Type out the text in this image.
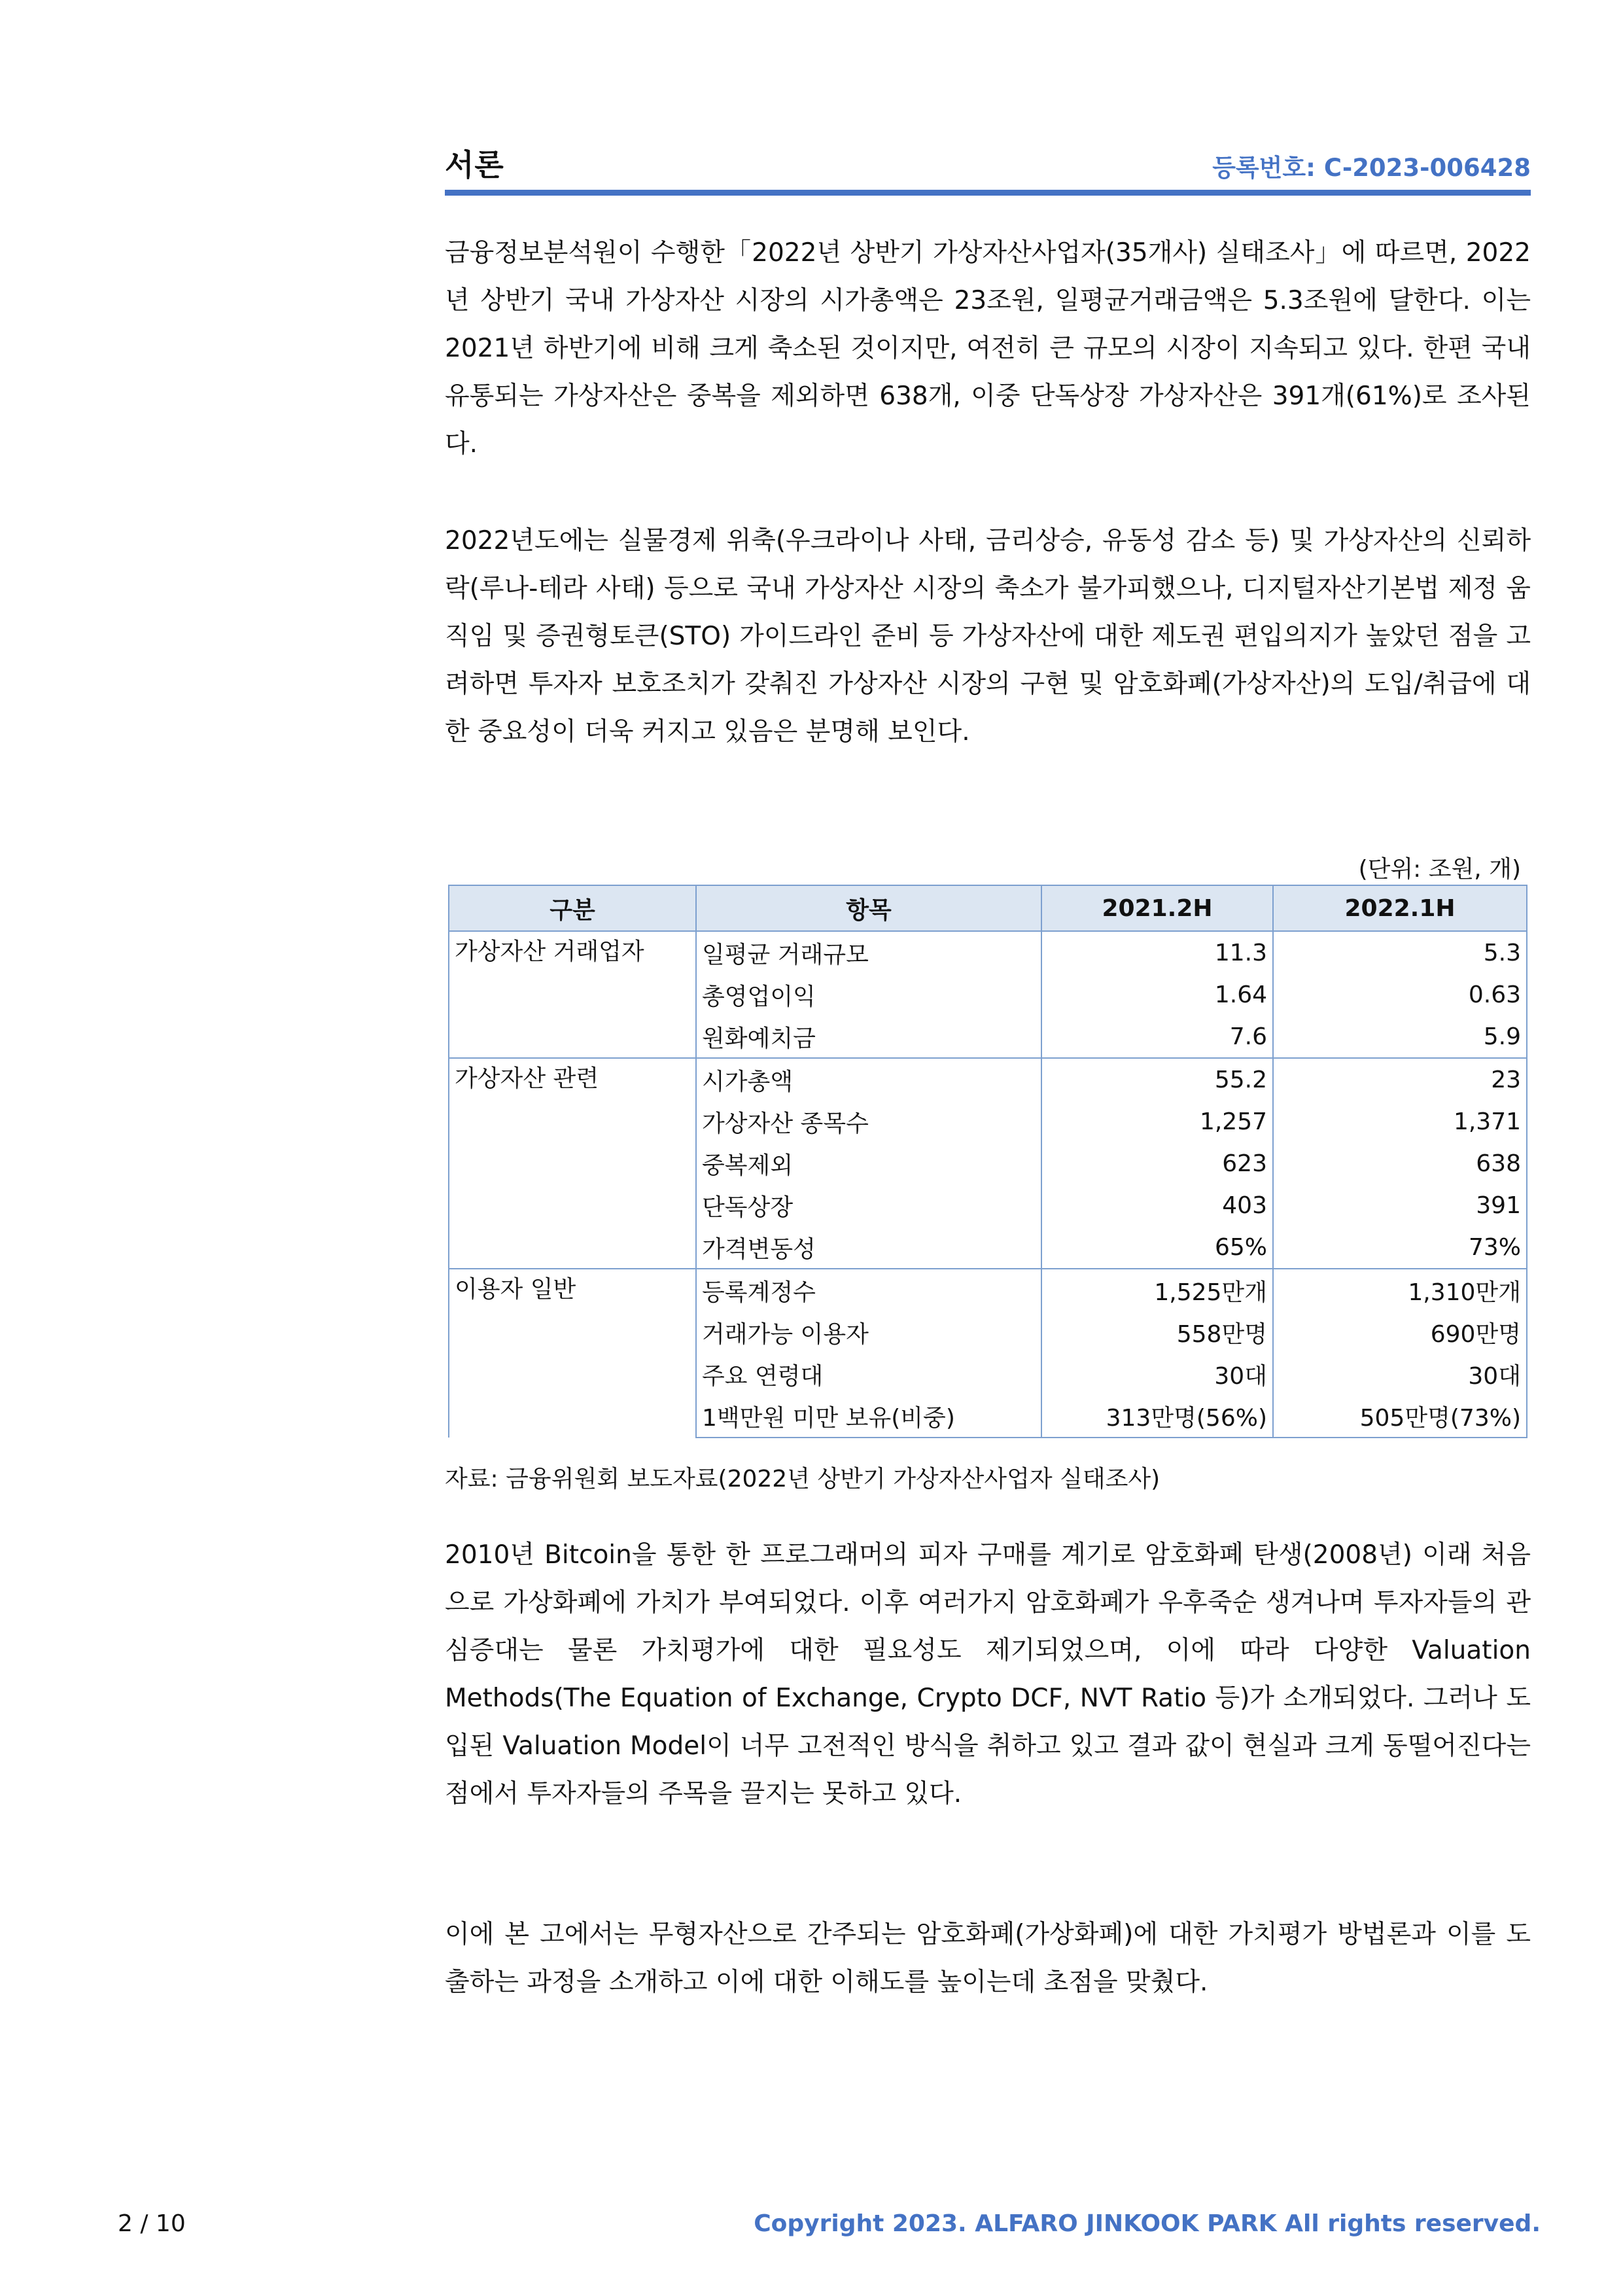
서론	등록번호: C-2023-006428

금융정보분석원이 수행한「2022년 상반기 가상자산사업자(35개사) 실태조사」에 따르면, 2022년 상반기 국내 가상자산 시장의 시가총액은 23조원, 일평균거래금액은 5.3조원에 달한다. 이는 2021년 하반기에 비해 크게 축소된 것이지만, 여전히 큰 규모의 시장이 지속되고 있다. 한편 국내 유통되는 가상자산은 중복을 제외하면 638개, 이중 단독상장 가상자산은 391개(61%)로 조사된다.

2022년도에는 실물경제 위축(우크라이나 사태, 금리상승, 유동성 감소 등) 및 가상자산의 신뢰하락(루나-테라 사태) 등으로 국내 가상자산 시장의 축소가 불가피했으나, 디지털자산기본법 제정 움직임 및 증권형토큰(STO) 가이드라인 준비 등 가상자산에 대한 제도권 편입의지가 높았던 점을 고려하면 투자자 보호조치가 갖춰진 가상자산 시장의 구현 및 암호화폐(가상자산)의 도입/취급에 대한 중요성이 더욱 커지고 있음은 분명해 보인다.

(단위: 조원, 개)
구분	항목	2021.2H	2022.1H
가상자산 거래업자	일평균 거래규모	11.3	5.3
	총영업이익	1.64	0.63
	원화예치금	7.6	5.9
가상자산 관련	시가총액	55.2	23
	가상자산 종목수	1,257	1,371
	중복제외	623	638
	단독상장	403	391
	가격변동성	65%	73%
이용자 일반	등록계정수	1,525만개	1,310만개
	거래가능 이용자	558만명	690만명
	주요 연령대	30대	30대
	1백만원 미만 보유(비중)	313만명(56%)	505만명(73%)
자료: 금융위원회 보도자료(2022년 상반기 가상자산사업자 실태조사)

2010년 Bitcoin을 통한 한 프로그래머의 피자 구매를 계기로 암호화폐 탄생(2008년) 이래 처음으로 가상화폐에 가치가 부여되었다. 이후 여러가지 암호화폐가 우후죽순 생겨나며 투자자들의 관심증대는 물론 가치평가에 대한 필요성도 제기되었으며, 이에 따라 다양한 Valuation Methods(The Equation of Exchange, Crypto DCF, NVT Ratio 등)가 소개되었다. 그러나 도입된 Valuation Model이 너무 고전적인 방식을 취하고 있고 결과 값이 현실과 크게 동떨어진다는 점에서 투자자들의 주목을 끌지는 못하고 있다.

이에 본 고에서는 무형자산으로 간주되는 암호화폐(가상화폐)에 대한 가치평가 방법론과 이를 도출하는 과정을 소개하고 이에 대한 이해도를 높이는데 초점을 맞췄다.

2 / 10	Copyright 2023. ALFARO JINKOOK PARK All rights reserved.
